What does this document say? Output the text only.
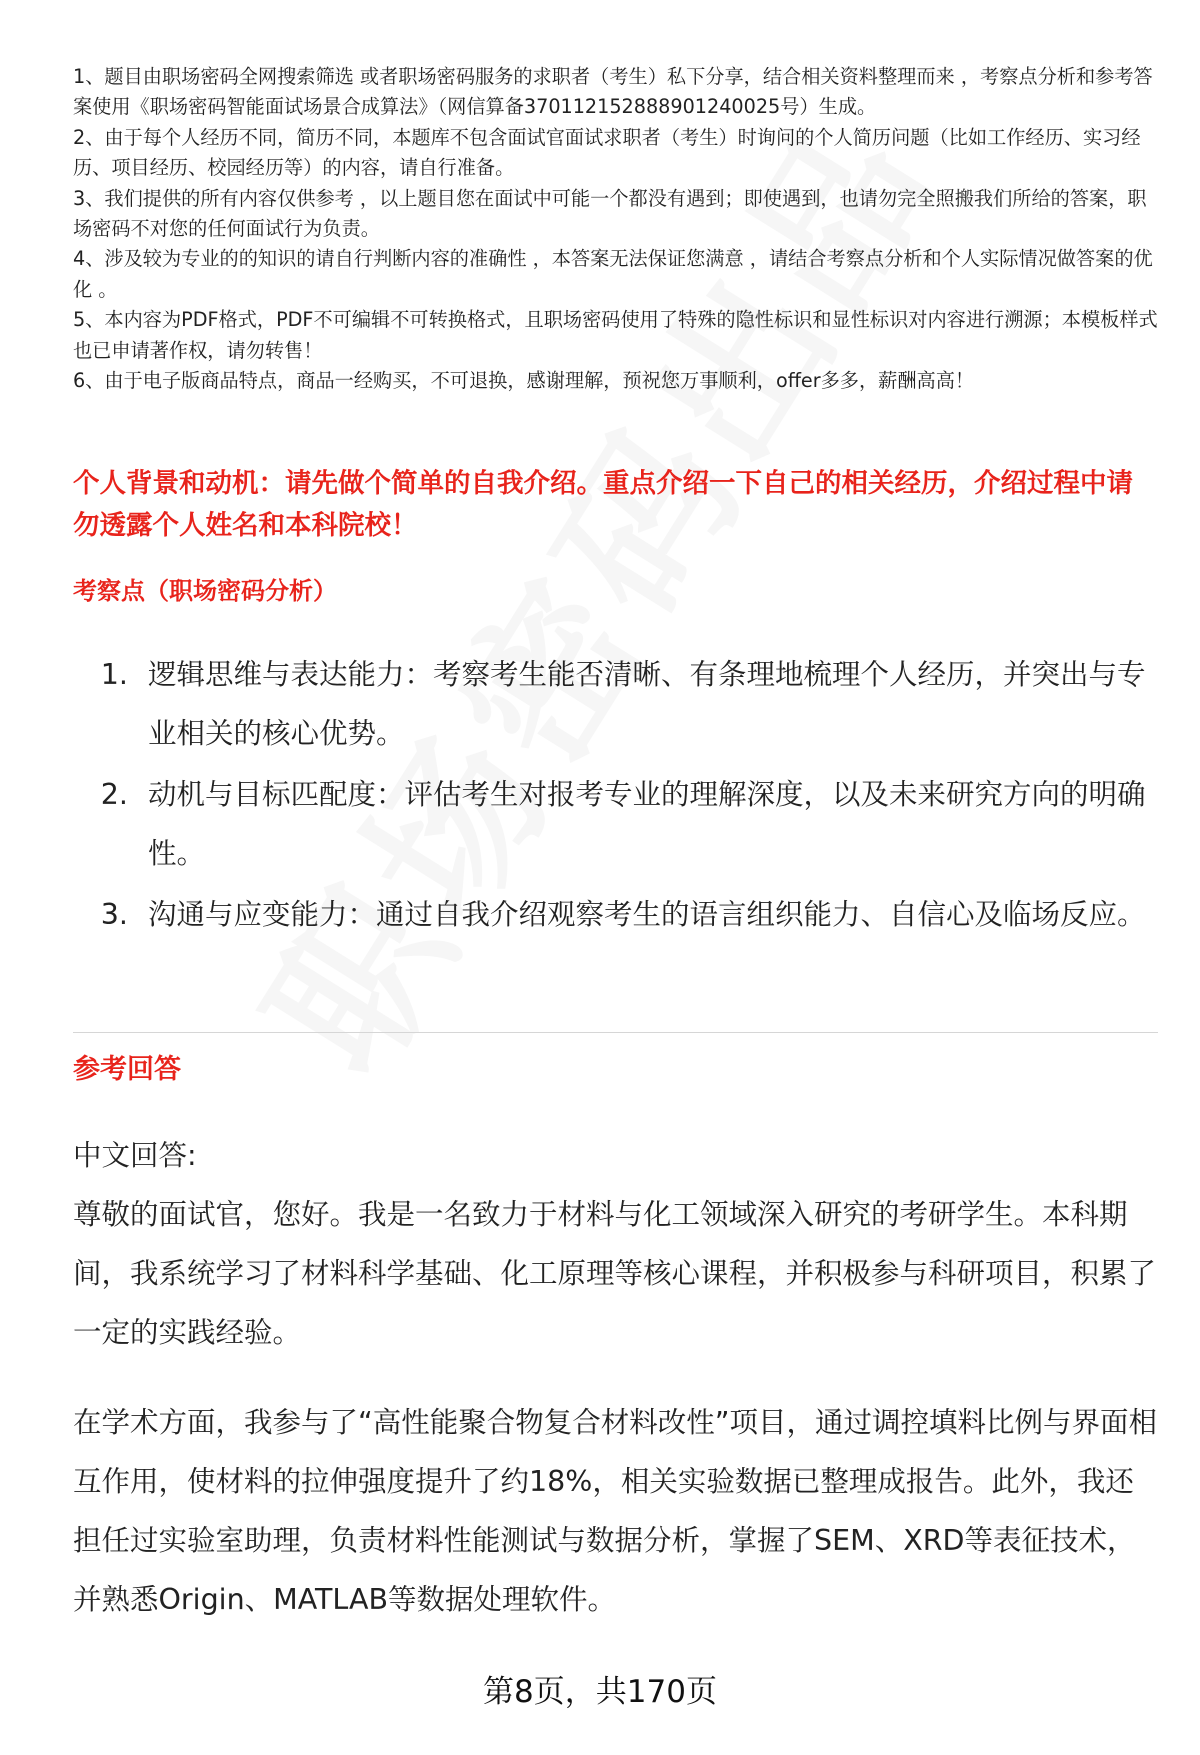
1、题目由职场密码全网搜索筛选 或者职场密码服务的求职者（考生）私下分享，结合相关资料整理而来 ，考察点分析和参考答案使用《职场密码智能面试场景合成算法》（网信算备370112152888901240025号）生成。

2、由于每个人经历不同，简历不同，本题库不包含面试官面试求职者（考生）时询问的个人简历问题（比如工作经历、实习经历、项目经历、校园经历等）的内容，请自行准备。

3、我们提供的所有内容仅供参考 ，以上题目您在面试中可能一个都没有遇到；即使遇到，也请勿完全照搬我们所给的答案，职场密码不对您的任何面试行为负责。

4、涉及较为专业的的知识的请自行判断内容的准确性 ，本答案无法保证您满意 ，请结合考察点分析和个人实际情况做答案的优化 。

5、本内容为PDF格式，PDF不可编辑不可转换格式，且职场密码使用了特殊的隐性标识和显性标识对内容进行溯源；本模板样式也已申请著作权，请勿转售！

6、由于电子版商品特点，商品一经购买，不可退换，感谢理解，预祝您万事顺利，offer多多，薪酬高高！

个人背景和动机：请先做个简单的自我介绍。重点介绍一下自己的相关经历，介绍过程中请勿透露个人姓名和本科院校！
考察点（职场密码分析）
1. 逻辑思维与表达能力：考察考生能否清晰、有条理地梳理个人经历，并突出与专业相关的核心优势。
2. 动机与目标匹配度：评估考生对报考专业的理解深度，以及未来研究方向的明确性。
3. 沟通与应变能力：通过自我介绍观察考生的语言组织能力、自信心及临场反应。
参考回答

中文回答:

尊敬的面试官，您好。我是一名致力于材料与化工领域深入研究的考研学生。本科期间，我系统学习了材料科学基础、化工原理等核心课程，并积极参与科研项目，积累了一定的实践经验。

在学术方面，我参与了“高性能聚合物复合材料改性”项目，通过调控填料比例与界面相互作用，使材料的拉伸强度提升了约18%，相关实验数据已整理成报告。此外，我还担任过实验室助理，负责材料性能测试与数据分析，掌握了SEM、XRD等表征技术，并熟悉Origin、MATLAB等数据处理软件。

第8页，共170页
